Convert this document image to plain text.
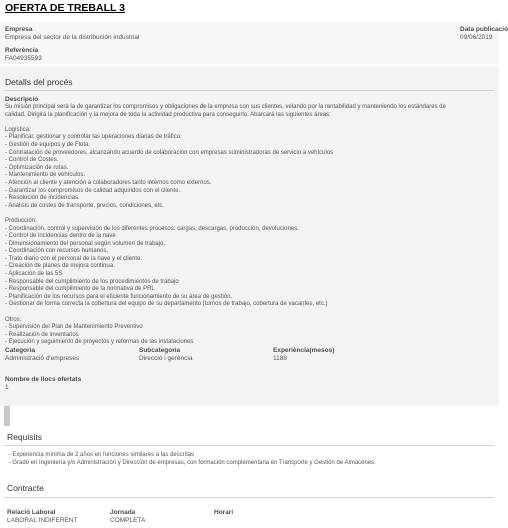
OFERTA DE TREBALL 3
Empresa
Empresa del sector de la distribución industrial
Data publicació
09/06/2019
Referència
FA04935593
Detalls del procés
Descripció
Su misión principal será la de garantizar los compromisos y obligaciones de la empresa con sus clientes, velando por la rentabilidad y manteniendo los estándares de
calidad. Dirigirá la planificación y la mejora de toda la actividad productiva para conseguirlo. Abarcará las siguientes áreas:

Logística:
- Planificar, gestionar y controlar las operaciones diarias de tráfico.
- Gestión de equipos y de Flota.
- Contratación de proveedores, alcanzando acuerdo de colaboración con empresas suministradoras de servicio a vehículos
- Control de Costes.
- Optimización de rutas.
- Mantenimiento de vehículos.
- Atención al cliente y atención a colaboradores tanto internos como externos.
- Garantizar los compromisos de calidad adquiridos con el cliente.
- Resolución de incidencias.
- Análisis de costes de transporte, precios, condiciones, etc.

Producción:
- Coordinación, control y supervisión de los diferentes procesos: cargas, descargas, producción, devoluciones.
- Control de incidencias dentro de la nave
- Dimensionamiento del personal según volumen de trabajo.
- Coordinación con recursos humanos.
- Trato diario con el personal de la nave y el cliente.
- Creación de planes de mejora continua.
- Aplicación de las 5S
- Responsable del cumplimiento de los procedimientos de trabajo
- Responsable del cumplimiento de la normativa de PRL
- Planificación de los recursos para el eficiente funcionamiento de su área de gestión.
- Gestionar de forma correcta la cobertura del equipo de su departamento (turnos de trabajo, cobertura de vacantes, etc.)

Otros:
- Supervisión del Plan de Mantenimiento Preventivo
- Realización de inventarios
- Ejecución y seguimiento de proyectos y reformas de las instalaciones
Categoria
Administració d'empreses
Subcategoria
Direcció i gerència
Experiència(mesos)
1188
Nombre de llocs ofertats
1
Requisits
- Experiencia mínima de 2 años en funciones similares a las descritas
- Grado en Ingeniería y/o Administración y Dirección de empresas, con formación complementaria en Transporte y Gestión de Almacenes.
Contracte
Relació Laboral
LABORAL INDIFERENT
Jornada
COMPLETA
Horari
